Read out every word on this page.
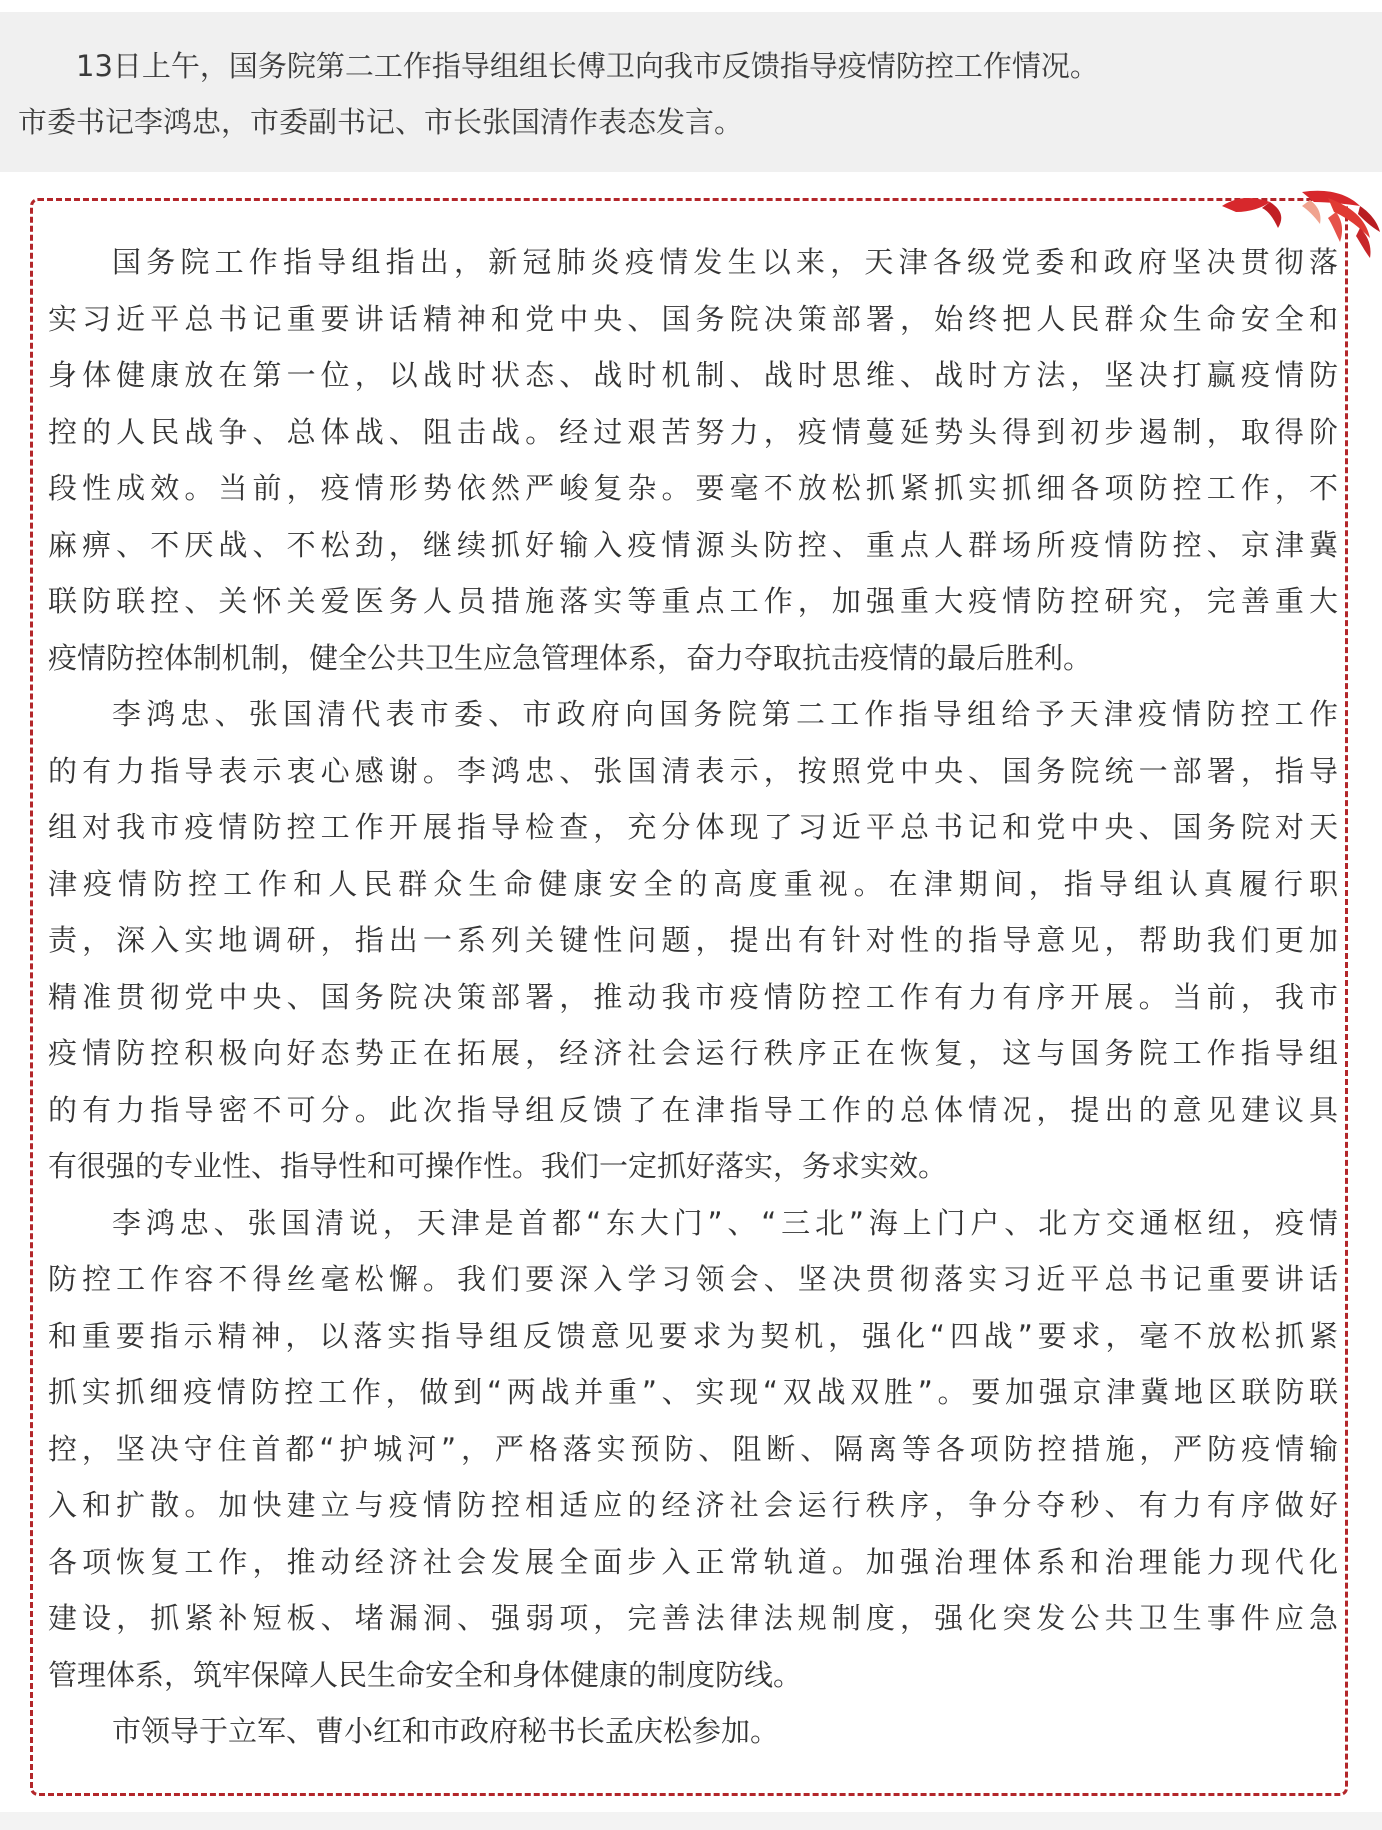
13日上午，国务院第二工作指导组组长傅卫向我市反馈指导疫情防控工作情况。
市委书记李鸿忠，市委副书记、市长张国清作表态发言。

国务院工作指导组指出，新冠肺炎疫情发生以来，天津各级党委和政府坚决贯彻落
实习近平总书记重要讲话精神和党中央、国务院决策部署，始终把人民群众生命安全和
身体健康放在第一位，以战时状态、战时机制、战时思维、战时方法，坚决打赢疫情防
控的人民战争、总体战、阻击战。经过艰苦努力，疫情蔓延势头得到初步遏制，取得阶
段性成效。当前，疫情形势依然严峻复杂。要毫不放松抓紧抓实抓细各项防控工作，不
麻痹、不厌战、不松劲，继续抓好输入疫情源头防控、重点人群场所疫情防控、京津冀
联防联控、关怀关爱医务人员措施落实等重点工作，加强重大疫情防控研究，完善重大
疫情防控体制机制，健全公共卫生应急管理体系，奋力夺取抗击疫情的最后胜利。
李鸿忠、张国清代表市委、市政府向国务院第二工作指导组给予天津疫情防控工作
的有力指导表示衷心感谢。李鸿忠、张国清表示，按照党中央、国务院统一部署，指导
组对我市疫情防控工作开展指导检查，充分体现了习近平总书记和党中央、国务院对天
津疫情防控工作和人民群众生命健康安全的高度重视。在津期间，指导组认真履行职
责，深入实地调研，指出一系列关键性问题，提出有针对性的指导意见，帮助我们更加
精准贯彻党中央、国务院决策部署，推动我市疫情防控工作有力有序开展。当前，我市
疫情防控积极向好态势正在拓展，经济社会运行秩序正在恢复，这与国务院工作指导组
的有力指导密不可分。此次指导组反馈了在津指导工作的总体情况，提出的意见建议具
有很强的专业性、指导性和可操作性。我们一定抓好落实，务求实效。
李鸿忠、张国清说，天津是首都“东大门”、“三北”海上门户、北方交通枢纽，疫情
防控工作容不得丝毫松懈。我们要深入学习领会、坚决贯彻落实习近平总书记重要讲话
和重要指示精神，以落实指导组反馈意见要求为契机，强化“四战”要求，毫不放松抓紧
抓实抓细疫情防控工作，做到“两战并重”、实现“双战双胜”。要加强京津冀地区联防联
控，坚决守住首都“护城河”，严格落实预防、阻断、隔离等各项防控措施，严防疫情输
入和扩散。加快建立与疫情防控相适应的经济社会运行秩序，争分夺秒、有力有序做好
各项恢复工作，推动经济社会发展全面步入正常轨道。加强治理体系和治理能力现代化
建设，抓紧补短板、堵漏洞、强弱项，完善法律法规制度，强化突发公共卫生事件应急
管理体系，筑牢保障人民生命安全和身体健康的制度防线。
市领导于立军、曹小红和市政府秘书长孟庆松参加。
